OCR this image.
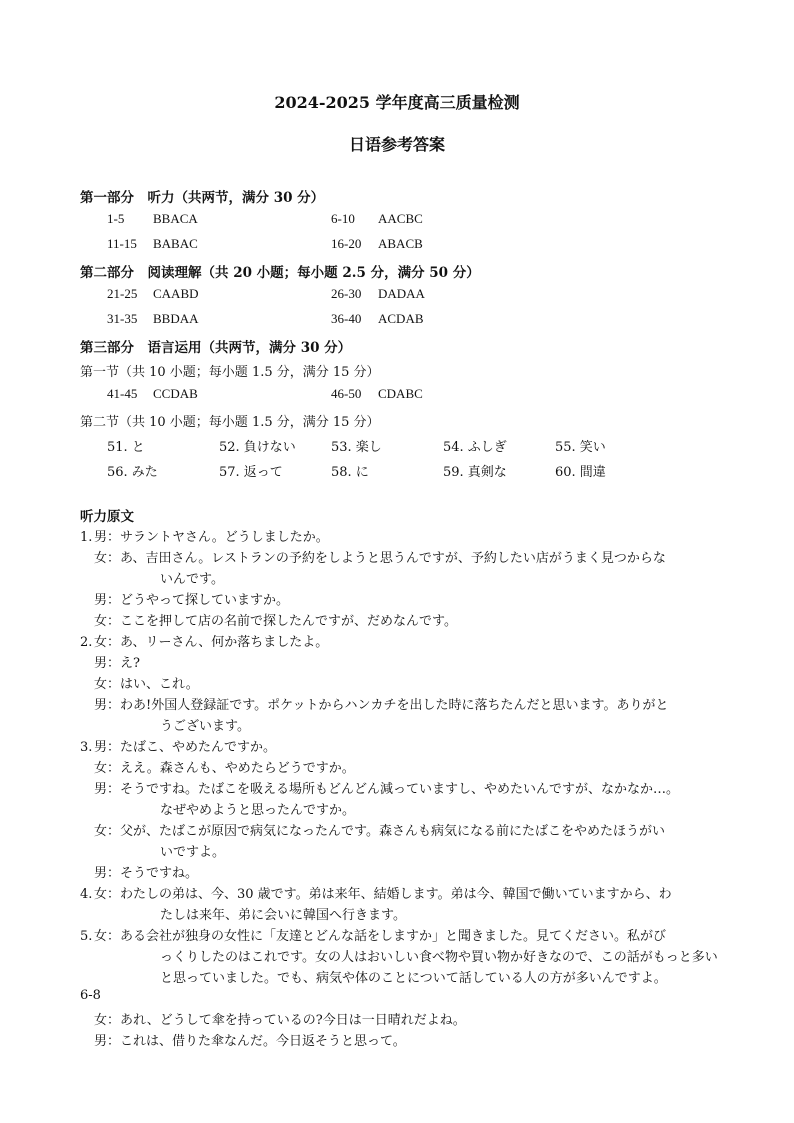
2024-2025 学年度高三质量检测
日语参考答案
第一部分　听力（共两节，满分 30 分）
1-5 BBACA	6-10 AACBC
11-15 BABAC	16-20 ABACB
第二部分　阅读理解（共 20 小题；每小题 2.5 分，满分 50 分）
21-25 CAABD	26-30 DADAA
31-35 BBDAA	36-40 ACDAB
第三部分　语言运用（共两节，满分 30 分）
第一节（共 10 小题；每小题 1.5 分，满分 15 分）
41-45 CCDAB	46-50 CDABC
第二节（共 10 小题；每小题 1.5 分，满分 15 分）
51. と	52. 負けない	53. 楽し	54. ふしぎ	55. 笑い
56. みた	57. 返って	58. に	59. 真剣な	60. 間違
听力原文
1. 男：サラントヤさん。どうしましたか。
女：あ、吉田さん。レストランの予約をしようと思うんですが、予約したい店がうまく見つからな
いんです。
男：どうやって探していますか。
女：ここを押して店の名前で探したんですが、だめなんです。
2. 女：あ、リーさん、何か落ちましたよ。
男：え?
女：はい、これ。
男：わあ!外国人登録証です。ポケットからハンカチを出した時に落ちたんだと思います。ありがと
うございます。
3. 男：たばこ、やめたんですか。
女：ええ。森さんも、やめたらどうですか。
男：そうですね。たばこを吸える場所もどんどん減っていますし、やめたいんですが、なかなか…。
なぜやめようと思ったんですか。
女：父が、たばこが原因で病気になったんです。森さんも病気になる前にたばこをやめたほうがい
いですよ。
男：そうですね。
4. 女：わたしの弟は、今、30 歳です。弟は来年、結婚します。弟は今、韓国で働いていますから、わ
たしは来年、弟に会いに韓国へ行きます。
5. 女：ある会社が独身の女性に「友達とどんな話をしますか」と聞きました。見てください。私がび
っくりしたのはこれです。女の人はおいしい食べ物や買い物か好きなので、この話がもっと多い
と思っていました。でも、病気や体のことについて話している人の方が多いんですよ。
6-8
女：あれ、どうして傘を持っているの?今日は一日晴れだよね。
男：これは、借りた傘なんだ。今日返そうと思って。
